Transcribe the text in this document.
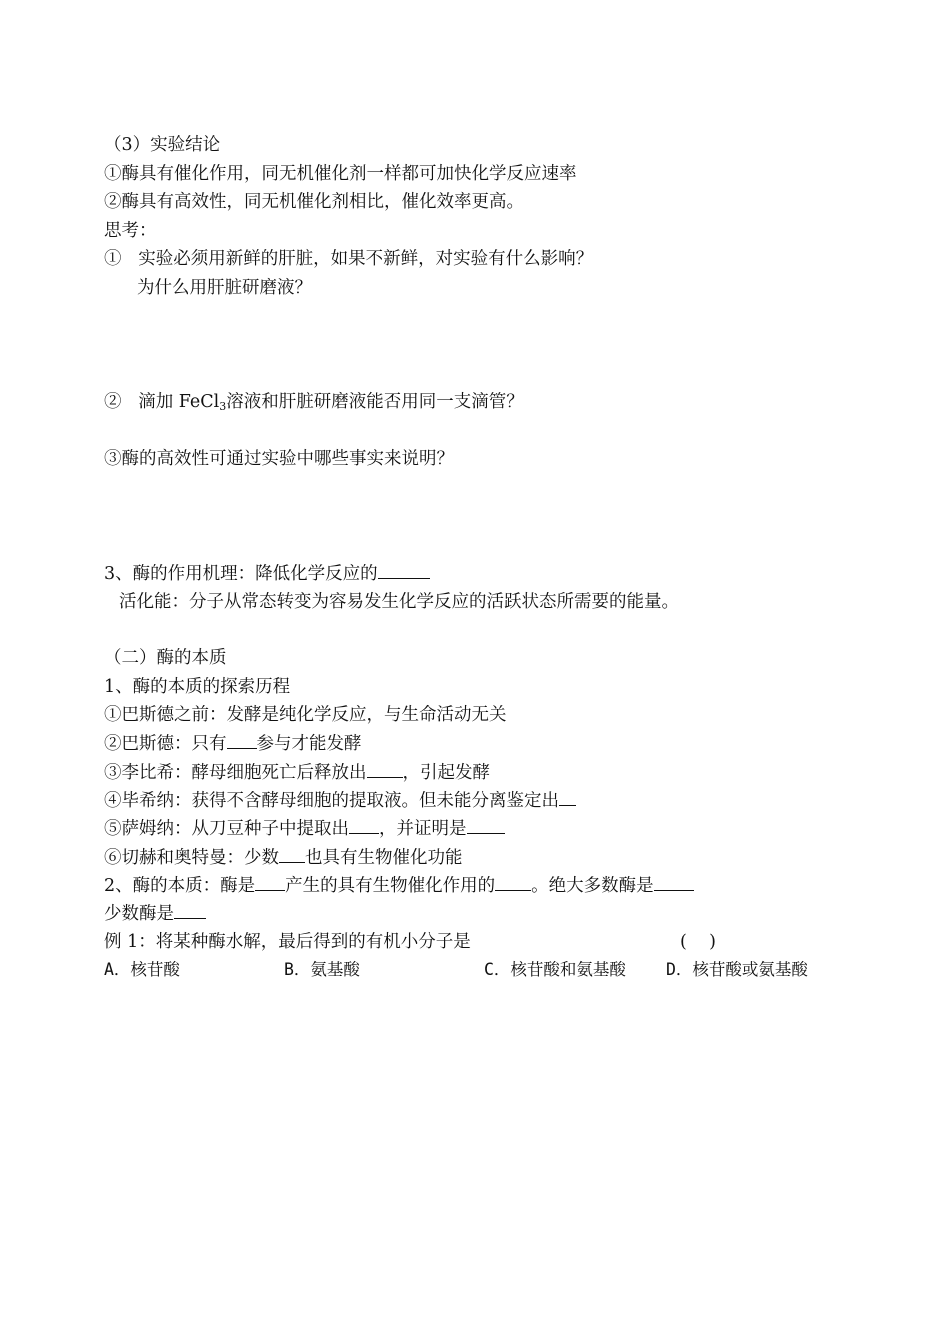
（3）实验结论
①酶具有催化作用，同无机催化剂一样都可加快化学反应速率
②酶具有高效性，同无机催化剂相比，催化效率更高。
思考：
①   实验必须用新鲜的肝脏，如果不新鲜，对实验有什么影响？
为什么用肝脏研磨液？
②   滴加 FeCl$_3$溶液和肝脏研磨液能否用同一支滴管？
③酶的高效性可通过实验中哪些事实来说明？
3、酶的作用机理：降低化学反应的
活化能：分子从常态转变为容易发生化学反应的活跃状态所需要的能量。
（二）酶的本质
1、酶的本质的探索历程
①巴斯德之前：发酵是纯化学反应，与生命活动无关
②巴斯德：只有 参与才能发酵
③李比希：酵母细胞死亡后释放出 ，引起发酵
④毕希纳：获得不含酵母细胞的提取液。但未能分离鉴定出
⑤萨姆纳：从刀豆种子中提取出 ，并证明是
⑥切赫和奥特曼：少数 也具有生物催化功能
2、酶的本质：酶是 产生的具有生物催化作用的 。绝大多数酶是
少数酶是
例 1：将某种酶水解，最后得到的有机小分子是	(    )

A．核苷酸

	B．氨基酸

	C．核苷酸和氨基酸

D．核苷酸或氨基酸
